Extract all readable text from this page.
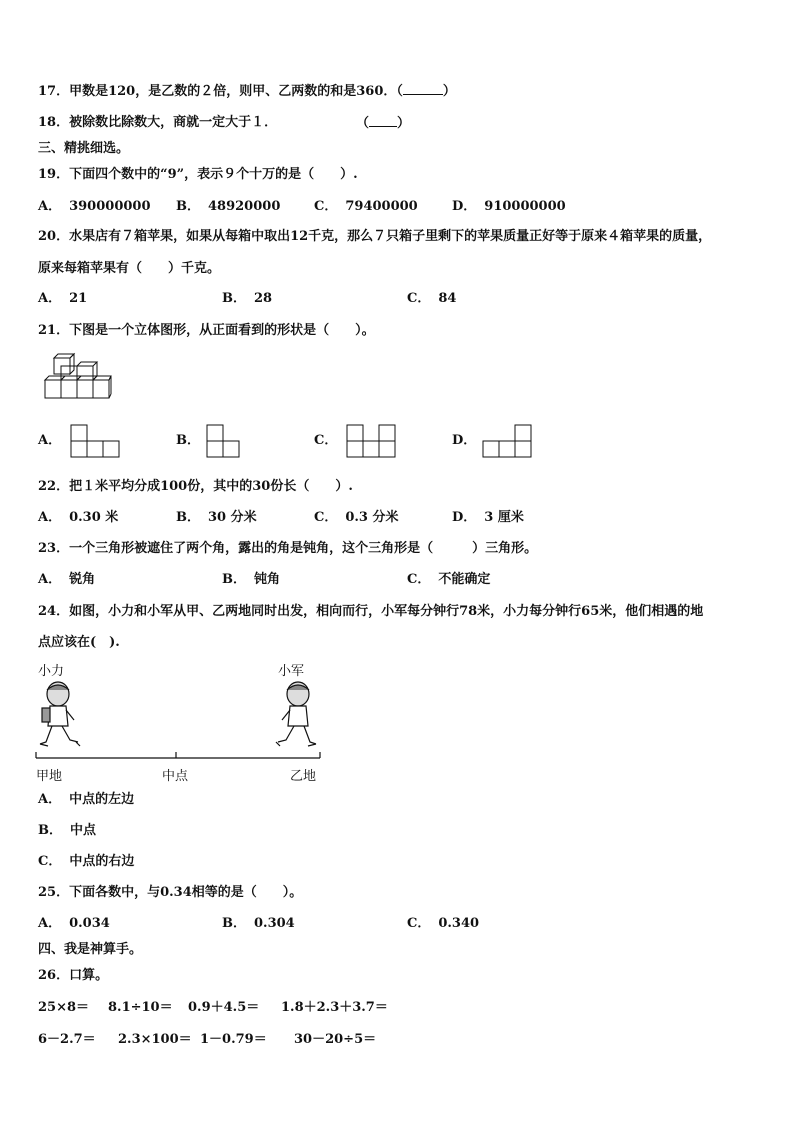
17．甲数是120，是乙数的２倍，则甲、乙两数的和是360．（	）
18．被除数比除数大，商就一定大于１．	（ ）
三、精挑细选。
19．下面四个数中的“9”，表示９个十万的是（　　）.
A． 390000000 B． 48920000	C． 79400000	D． 910000000
20．水果店有７箱苹果，如果从每箱中取出12千克，那么７只箱子里剩下的苹果质量正好等于原来４箱苹果的质量，
原来每箱苹果有（　　）千克。
A． 21	B． 28	C． 84
21．下图是一个立体图形，从正面看到的形状是（　　）。
A．	B．	C．	D．
22．把１米平均分成100份，其中的30份长（　　）.
A． 0.30 米	B． 30 分米	C． 0.3 分米	D． 3 厘米
23．一个三角形被遮住了两个角，露出的角是钝角，这个三角形是（　　　）三角形。
A． 锐角	B． 钝角	C． 不能确定
24．如图，小力和小军从甲、乙两地同时出发，相向而行，小军每分钟行78米，小力每分钟行65米，他们相遇的地
点应该在(　).
小力	小军
甲地	中点	乙地
A． 中点的左边
B． 中点
C． 中点的右边
25．下面各数中，与0.34相等的是（　　）。
A． 0.034	B． 0.304	C． 0.340
四、我是神算手。
26．口算。
25×8＝ 8.1÷10＝ 0.9＋4.5＝ 1.8＋2.3＋3.7＝
6－2.7＝ 2.3×100＝ 1－0.79＝ 30－20÷5＝
